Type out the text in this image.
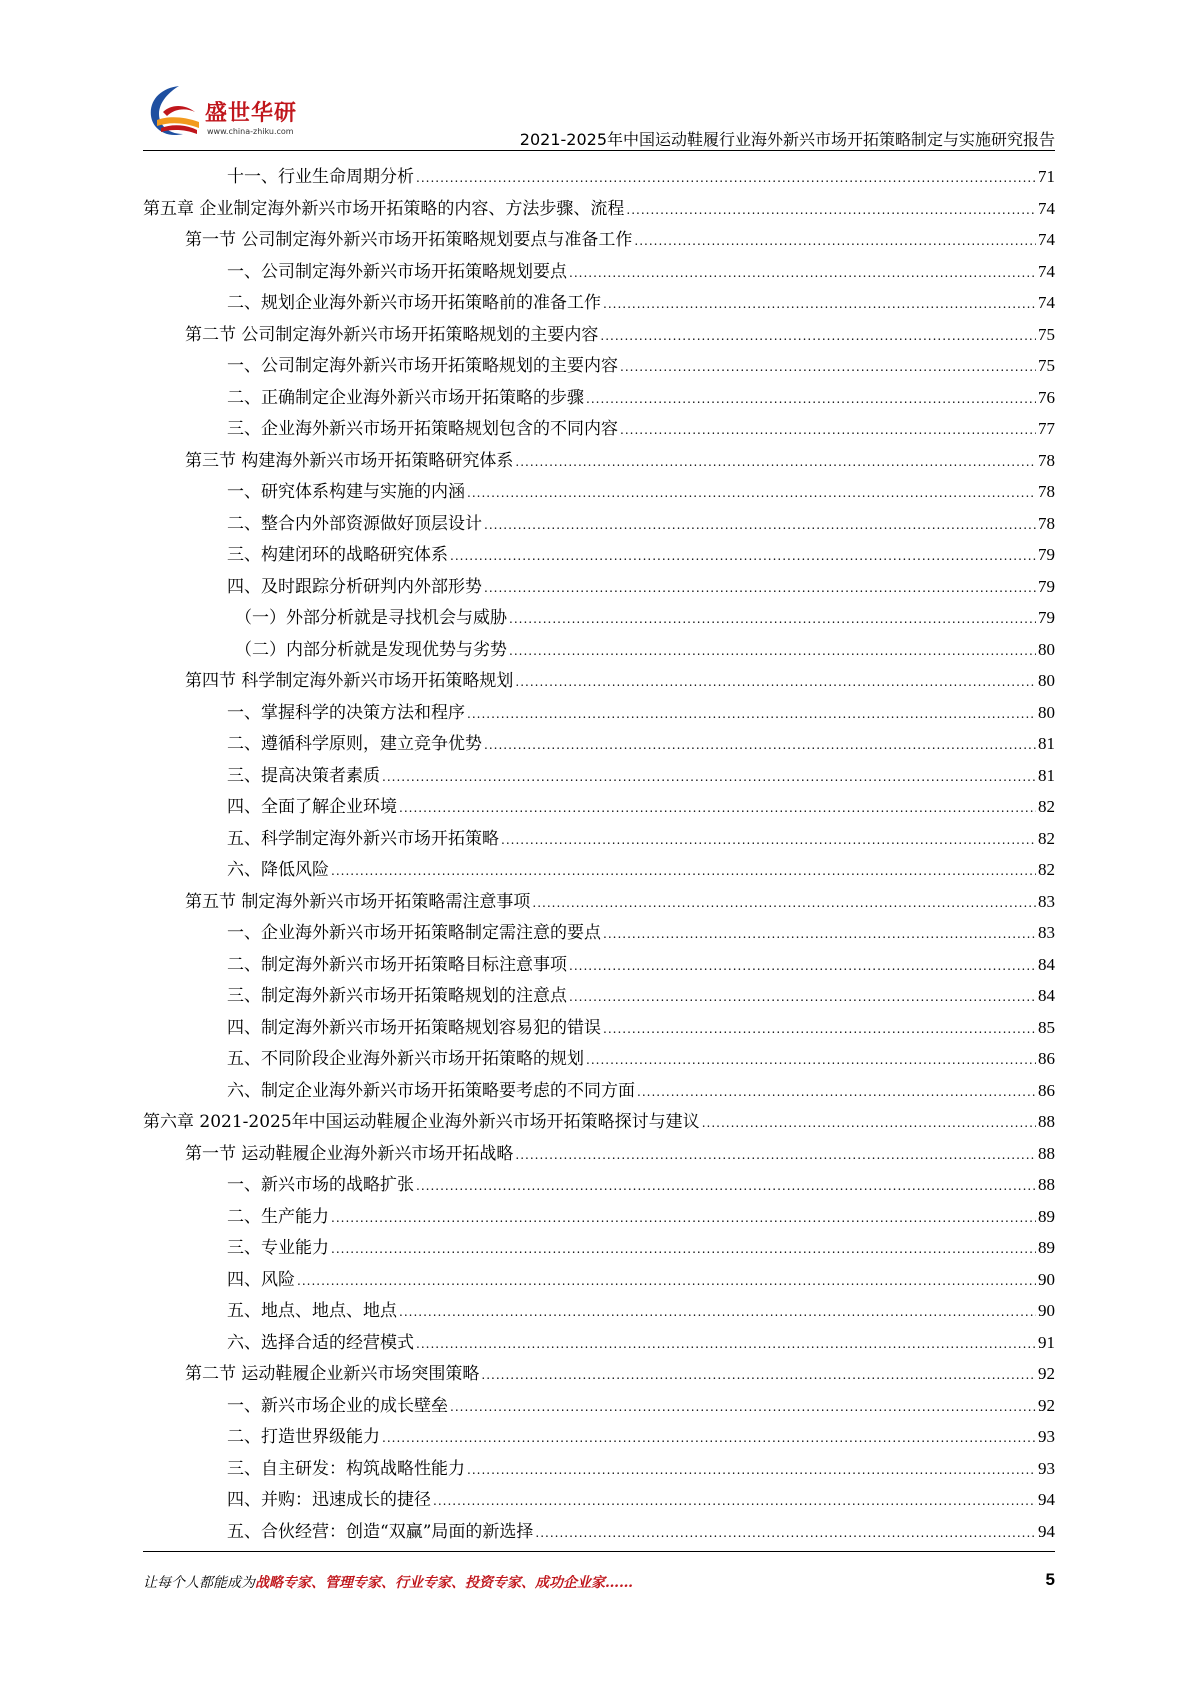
盛世华研
www.china-zhiku.com	2021-2025年中国运动鞋履行业海外新兴市场开拓策略制定与实施研究报告
十一、行业生命周期分析 .....	71
第五章 企业制定海外新兴市场开拓策略的内容、方法步骤、流程 .....	74
第一节 公司制定海外新兴市场开拓策略规划要点与准备工作 .....	74
一、公司制定海外新兴市场开拓策略规划要点 .....	74
二、规划企业海外新兴市场开拓策略前的准备工作 .....	74
第二节 公司制定海外新兴市场开拓策略规划的主要内容 .....	75
一、公司制定海外新兴市场开拓策略规划的主要内容 .....	75
二、正确制定企业海外新兴市场开拓策略的步骤 .....	76
三、企业海外新兴市场开拓策略规划包含的不同内容 .....	77
第三节 构建海外新兴市场开拓策略研究体系 .....	78
一、研究体系构建与实施的内涵 .....	78
二、整合内外部资源做好顶层设计 .....	78
三、构建闭环的战略研究体系 .....	79
四、及时跟踪分析研判内外部形势 .....	79
（一）外部分析就是寻找机会与威胁 .....	79
（二）内部分析就是发现优势与劣势 .....	80
第四节 科学制定海外新兴市场开拓策略规划 .....	80
一、掌握科学的决策方法和程序 .....	80
二、遵循科学原则，建立竞争优势 .....	81
三、提高决策者素质 .....	81
四、全面了解企业环境 .....	82
五、科学制定海外新兴市场开拓策略 .....	82
六、降低风险 .....	82
第五节 制定海外新兴市场开拓策略需注意事项 .....	83
一、企业海外新兴市场开拓策略制定需注意的要点 .....	83
二、制定海外新兴市场开拓策略目标注意事项 .....	84
三、制定海外新兴市场开拓策略规划的注意点 .....	84
四、制定海外新兴市场开拓策略规划容易犯的错误 .....	85
五、不同阶段企业海外新兴市场开拓策略的规划 .....	86
六、制定企业海外新兴市场开拓策略要考虑的不同方面 .....	86
第六章 2021-2025年中国运动鞋履企业海外新兴市场开拓策略探讨与建议 .....	88
第一节 运动鞋履企业海外新兴市场开拓战略 .....	88
一、新兴市场的战略扩张 .....	88
二、生产能力 .....	89
三、专业能力 .....	89
四、风险 .....	90
五、地点、地点、地点 .....	90
六、选择合适的经营模式 .....	91
第二节 运动鞋履企业新兴市场突围策略 .....	92
一、新兴市场企业的成长壁垒 .....	92
二、打造世界级能力 .....	93
三、自主研发：构筑战略性能力 .....	93
四、并购：迅速成长的捷径 .....	94
五、合伙经营：创造“双赢”局面的新选择 .....	94
让每个人都能成为战略专家、管理专家、行业专家、投资专家、成功企业家……	5
